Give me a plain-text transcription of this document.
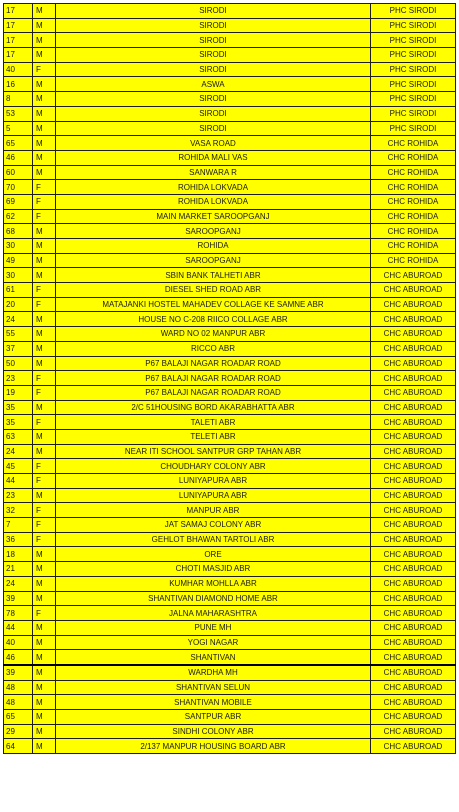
17	M	SIRODI	PHC SIRODI
17	M	SIRODI	PHC SIRODI
17	M	SIRODI	PHC SIRODI
17	M	SIRODI	PHC SIRODI
40	F	SIRODI	PHC SIRODI
16	M	ASWA	PHC SIRODI
8	M	SIRODI	PHC SIRODI
53	M	SIRODI	PHC SIRODI
5	M	SIRODI	PHC SIRODI
65	M	VASA ROAD	CHC ROHIDA
46	M	ROHIDA MALI VAS	CHC ROHIDA
60	M	SANWARA R	CHC ROHIDA
70	F	ROHIDA LOKVADA	CHC ROHIDA
69	F	ROHIDA LOKVADA	CHC ROHIDA
62	F	MAIN MARKET SAROOPGANJ	CHC ROHIDA
68	M	SAROOPGANJ	CHC ROHIDA
30	M	ROHIDA	CHC ROHIDA
49	M	SAROOPGANJ	CHC ROHIDA
30	M	SBIN BANK TALHETI ABR	CHC ABUROAD
61	F	DIESEL SHED ROAD ABR	CHC ABUROAD
20	F	MATAJANKI HOSTEL MAHADEV COLLAGE KE SAMNE ABR	CHC ABUROAD
24	M	HOUSE NO C-208 RIICO COLLAGE ABR	CHC ABUROAD
55	M	WARD NO 02 MANPUR ABR	CHC ABUROAD
37	M	RICCO ABR	CHC ABUROAD
50	M	P67 BALAJI NAGAR ROADAR ROAD	CHC ABUROAD
23	F	P67 BALAJI NAGAR ROADAR ROAD	CHC ABUROAD
19	F	P67 BALAJI NAGAR ROADAR ROAD	CHC ABUROAD
35	M	2/C 51HOUSING BORD AKARABHATTA ABR	CHC ABUROAD
35	F	TALETI ABR	CHC ABUROAD
63	M	TELETI ABR	CHC ABUROAD
24	M	NEAR ITI SCHOOL SANTPUR GRP TAHAN ABR	CHC ABUROAD
45	F	CHOUDHARY COLONY ABR	CHC ABUROAD
44	F	LUNIYAPURA ABR	CHC ABUROAD
23	M	LUNIYAPURA ABR	CHC ABUROAD
32	F	MANPUR ABR	CHC ABUROAD
7	F	JAT SAMAJ COLONY ABR	CHC ABUROAD
36	F	GEHLOT BHAWAN TARTOLI ABR	CHC ABUROAD
18	M	ORE	CHC ABUROAD
21	M	CHOTI MASJID ABR	CHC ABUROAD
24	M	KUMHAR MOHLLA ABR	CHC ABUROAD
39	M	SHANTIVAN DIAMOND HOME ABR	CHC ABUROAD
78	F	JALNA MAHARASHTRA	CHC ABUROAD
44	M	PUNE MH	CHC ABUROAD
40	M	YOGI NAGAR	CHC ABUROAD
46	M	SHANTIVAN	CHC ABUROAD
39	M	WARDHA MH	CHC ABUROAD
48	M	SHANTIVAN SELUN	CHC ABUROAD
48	M	SHANTIVAN MOBILE	CHC ABUROAD
65	M	SANTPUR ABR	CHC ABUROAD
29	M	SINDHI COLONY ABR	CHC ABUROAD
64	M	2/137 MANPUR HOUSING BOARD ABR	CHC ABUROAD
